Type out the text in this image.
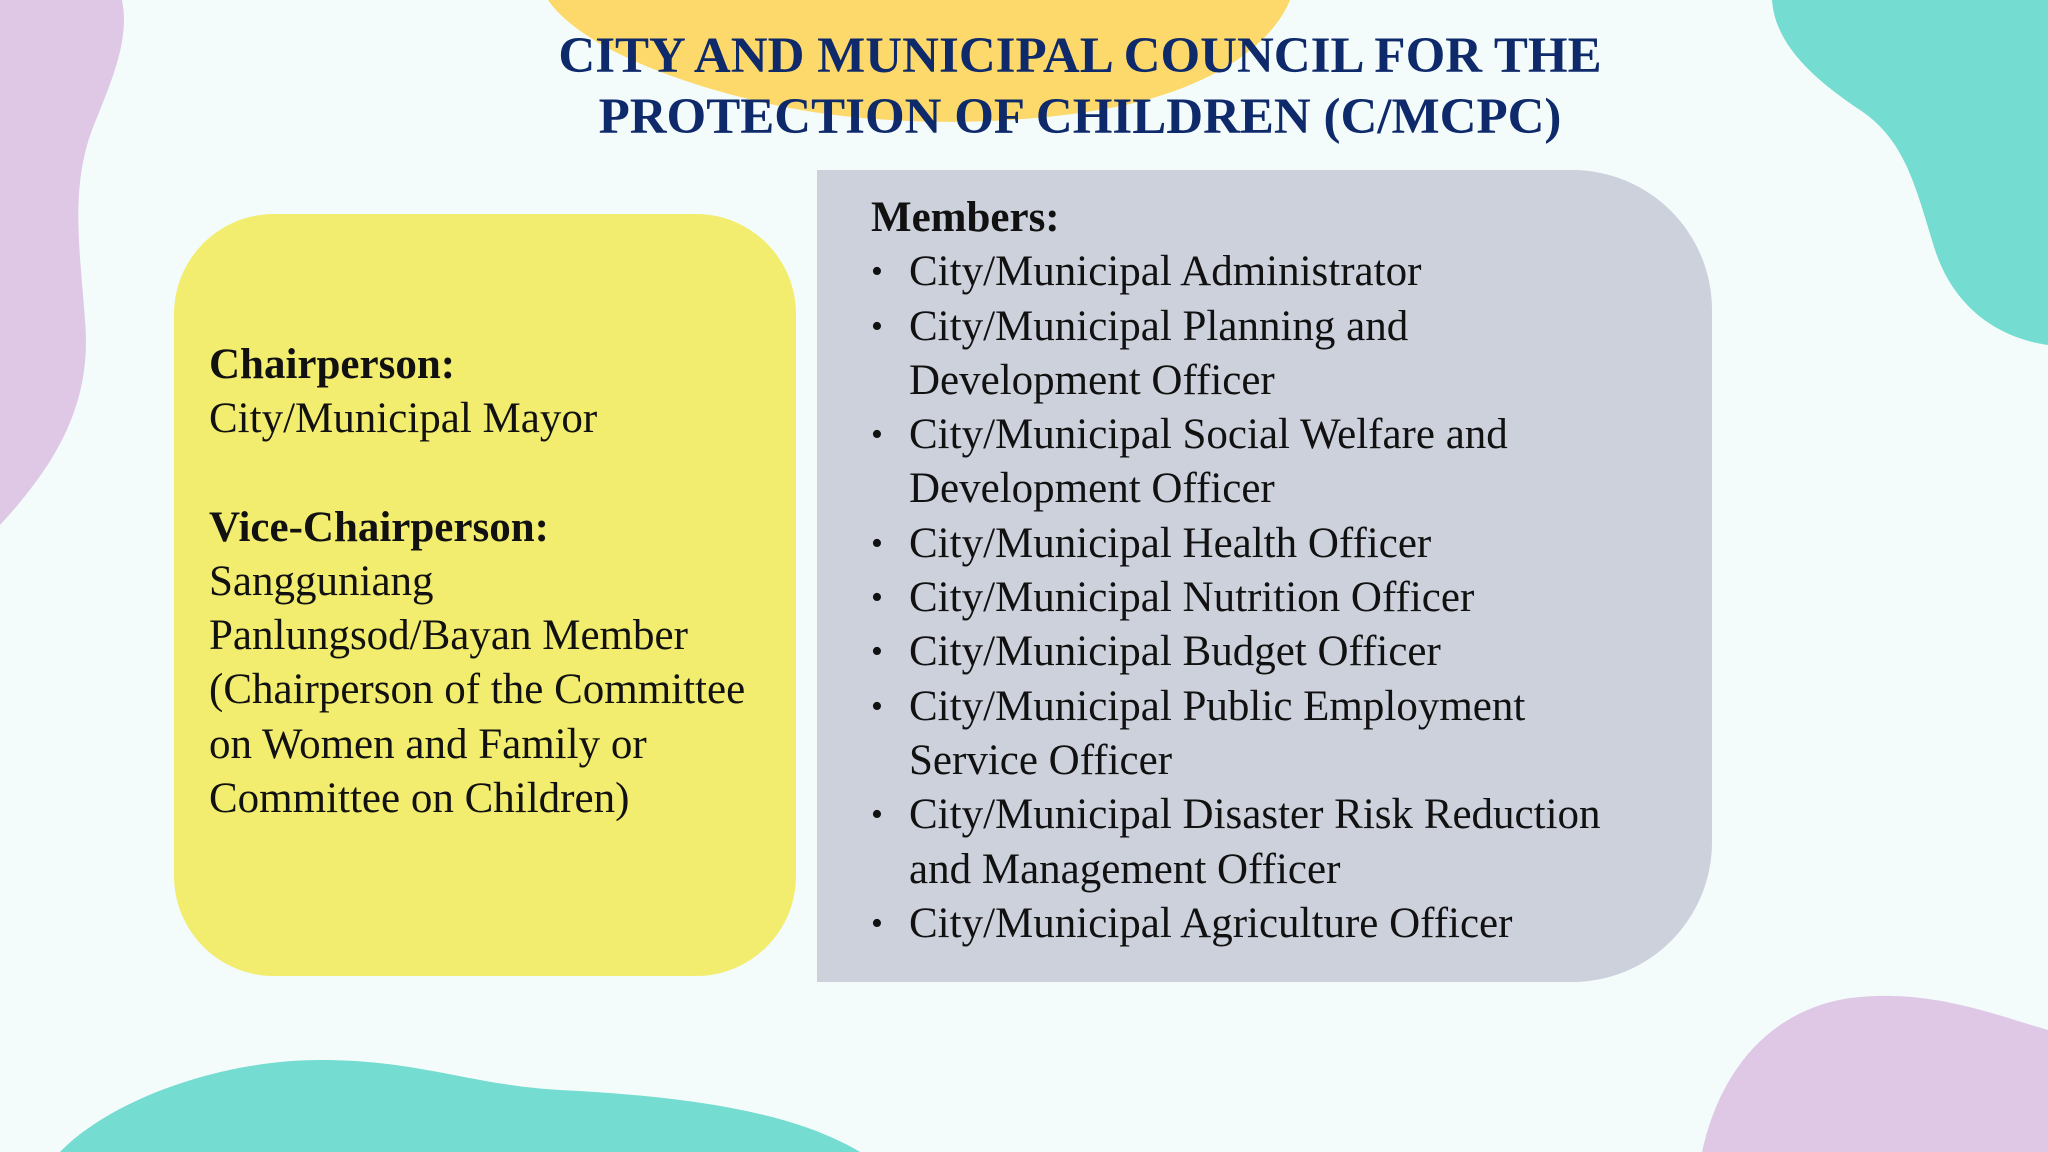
CITY AND MUNICIPAL COUNCIL FOR THE
PROTECTION OF CHILDREN (C/MCPC)
Chairperson:
City/Municipal Mayor
Vice-Chairperson:
Sangguniang
Panlungsod/Bayan Member
(Chairperson of the Committee
on Women and Family or
Committee on Children)
Members:
• City/Municipal Administrator
• City/Municipal Planning and
Development Officer
• City/Municipal Social Welfare and
Development Officer
• City/Municipal Health Officer
• City/Municipal Nutrition Officer
• City/Municipal Budget Officer
• City/Municipal Public Employment
Service Officer
• City/Municipal Disaster Risk Reduction
and Management Officer
• City/Municipal Agriculture Officer
